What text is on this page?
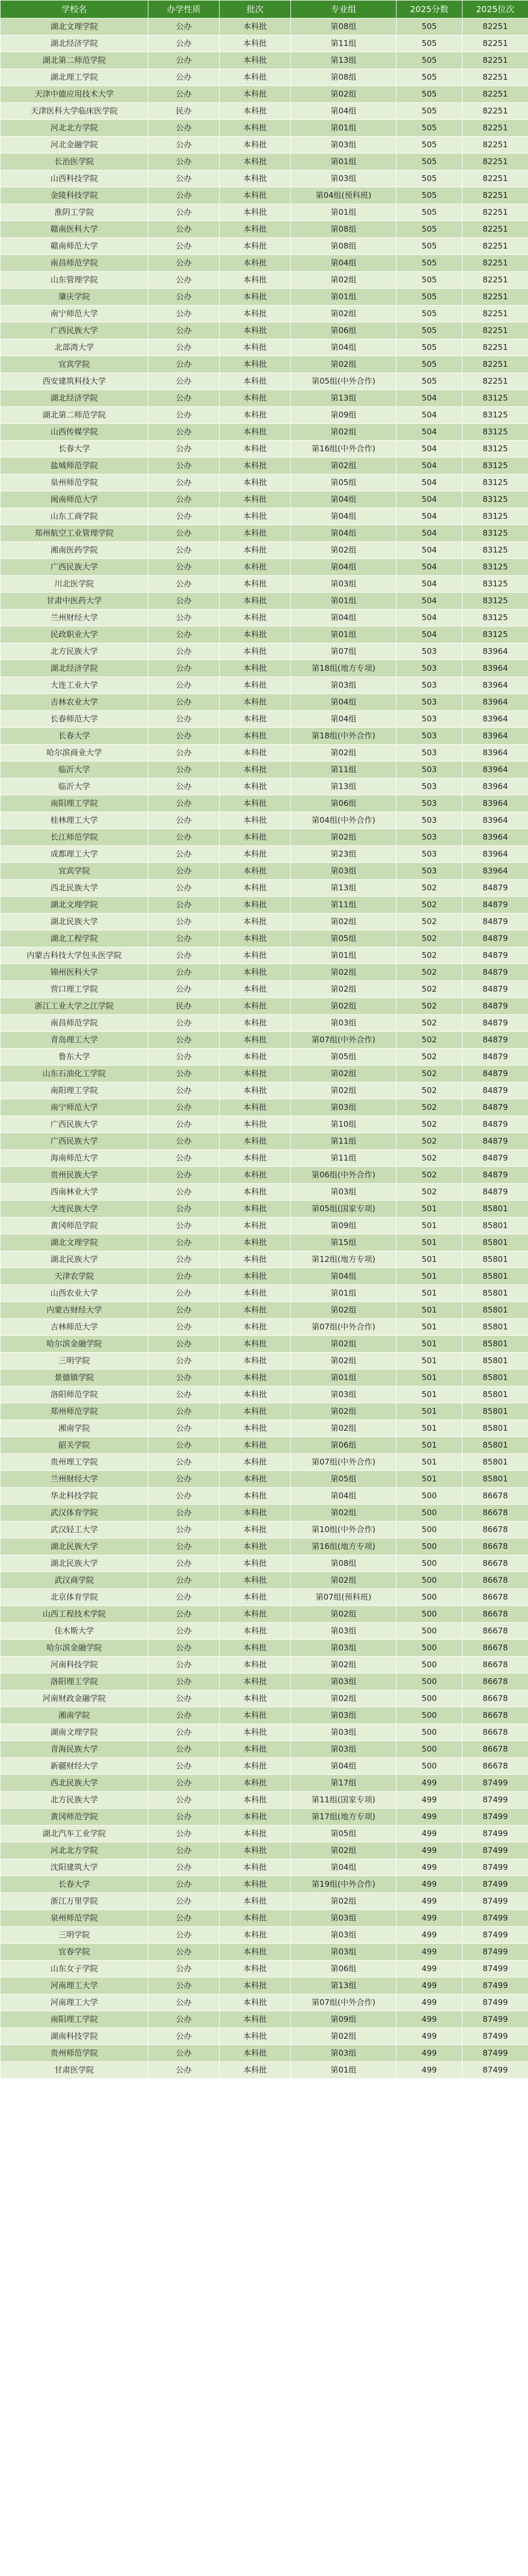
学校名	办学性质	批次	专业组	2025分数	2025位次
湖北文理学院	公办	本科批	第08组	505	82251
湖北经济学院	公办	本科批	第11组	505	82251
湖北第二师范学院	公办	本科批	第13组	505	82251
湖北理工学院	公办	本科批	第08组	505	82251
天津中德应用技术大学	公办	本科批	第02组	505	82251
天津医科大学临床医学院	民办	本科批	第04组	505	82251
河北北方学院	公办	本科批	第01组	505	82251
河北金融学院	公办	本科批	第03组	505	82251
长治医学院	公办	本科批	第01组	505	82251
山西科技学院	公办	本科批	第03组	505	82251
金陵科技学院	公办	本科批	第04组(预科班)	505	82251
淮阴工学院	公办	本科批	第01组	505	82251
赣南医科大学	公办	本科批	第08组	505	82251
赣南师范大学	公办	本科批	第08组	505	82251
南昌师范学院	公办	本科批	第04组	505	82251
山东管理学院	公办	本科批	第02组	505	82251
肇庆学院	公办	本科批	第01组	505	82251
南宁师范大学	公办	本科批	第02组	505	82251
广西民族大学	公办	本科批	第06组	505	82251
北部湾大学	公办	本科批	第04组	505	82251
宜宾学院	公办	本科批	第02组	505	82251
西安建筑科技大学	公办	本科批	第05组(中外合作)	505	82251
湖北经济学院	公办	本科批	第13组	504	83125
湖北第二师范学院	公办	本科批	第09组	504	83125
山西传媒学院	公办	本科批	第02组	504	83125
长春大学	公办	本科批	第16组(中外合作)	504	83125
盐城师范学院	公办	本科批	第02组	504	83125
泉州师范学院	公办	本科批	第05组	504	83125
闽南师范大学	公办	本科批	第04组	504	83125
山东工商学院	公办	本科批	第04组	504	83125
郑州航空工业管理学院	公办	本科批	第04组	504	83125
湘南医药学院	公办	本科批	第02组	504	83125
广西民族大学	公办	本科批	第04组	504	83125
川北医学院	公办	本科批	第03组	504	83125
甘肃中医药大学	公办	本科批	第01组	504	83125
兰州财经大学	公办	本科批	第04组	504	83125
民政职业大学	公办	本科批	第01组	504	83125
北方民族大学	公办	本科批	第07组	503	83964
湖北经济学院	公办	本科批	第18组(地方专项)	503	83964
大连工业大学	公办	本科批	第03组	503	83964
吉林农业大学	公办	本科批	第04组	503	83964
长春师范大学	公办	本科批	第04组	503	83964
长春大学	公办	本科批	第18组(中外合作)	503	83964
哈尔滨商业大学	公办	本科批	第02组	503	83964
临沂大学	公办	本科批	第11组	503	83964
临沂大学	公办	本科批	第13组	503	83964
南阳理工学院	公办	本科批	第06组	503	83964
桂林理工大学	公办	本科批	第04组(中外合作)	503	83964
长江师范学院	公办	本科批	第02组	503	83964
成都理工大学	公办	本科批	第23组	503	83964
宜宾学院	公办	本科批	第03组	503	83964
西北民族大学	公办	本科批	第13组	502	84879
湖北文理学院	公办	本科批	第11组	502	84879
湖北民族大学	公办	本科批	第02组	502	84879
湖北工程学院	公办	本科批	第05组	502	84879
内蒙古科技大学包头医学院	公办	本科批	第01组	502	84879
锦州医科大学	公办	本科批	第02组	502	84879
营口理工学院	公办	本科批	第02组	502	84879
浙江工业大学之江学院	民办	本科批	第02组	502	84879
南昌师范学院	公办	本科批	第03组	502	84879
青岛理工大学	公办	本科批	第07组(中外合作)	502	84879
鲁东大学	公办	本科批	第05组	502	84879
山东石油化工学院	公办	本科批	第02组	502	84879
南阳理工学院	公办	本科批	第02组	502	84879
南宁师范大学	公办	本科批	第03组	502	84879
广西民族大学	公办	本科批	第10组	502	84879
广西民族大学	公办	本科批	第11组	502	84879
海南师范大学	公办	本科批	第11组	502	84879
贵州民族大学	公办	本科批	第06组(中外合作)	502	84879
西南林业大学	公办	本科批	第03组	502	84879
大连民族大学	公办	本科批	第05组(国家专项)	501	85801
黄冈师范学院	公办	本科批	第09组	501	85801
湖北文理学院	公办	本科批	第15组	501	85801
湖北民族大学	公办	本科批	第12组(地方专项)	501	85801
天津农学院	公办	本科批	第04组	501	85801
山西农业大学	公办	本科批	第01组	501	85801
内蒙古财经大学	公办	本科批	第02组	501	85801
吉林师范大学	公办	本科批	第07组(中外合作)	501	85801
哈尔滨金融学院	公办	本科批	第02组	501	85801
三明学院	公办	本科批	第02组	501	85801
景德镇学院	公办	本科批	第01组	501	85801
洛阳师范学院	公办	本科批	第03组	501	85801
郑州师范学院	公办	本科批	第02组	501	85801
湘南学院	公办	本科批	第02组	501	85801
韶关学院	公办	本科批	第06组	501	85801
贵州理工学院	公办	本科批	第07组(中外合作)	501	85801
兰州财经大学	公办	本科批	第05组	501	85801
华北科技学院	公办	本科批	第04组	500	86678
武汉体育学院	公办	本科批	第02组	500	86678
武汉轻工大学	公办	本科批	第10组(中外合作)	500	86678
湖北民族大学	公办	本科批	第16组(地方专项)	500	86678
湖北民族大学	公办	本科批	第08组	500	86678
武汉商学院	公办	本科批	第02组	500	86678
北京体育学院	公办	本科批	第07组(预科班)	500	86678
山西工程技术学院	公办	本科批	第02组	500	86678
佳木斯大学	公办	本科批	第03组	500	86678
哈尔滨金融学院	公办	本科批	第03组	500	86678
河南科技学院	公办	本科批	第02组	500	86678
洛阳理工学院	公办	本科批	第03组	500	86678
河南财政金融学院	公办	本科批	第02组	500	86678
湘南学院	公办	本科批	第03组	500	86678
湖南文理学院	公办	本科批	第03组	500	86678
青海民族大学	公办	本科批	第03组	500	86678
新疆财经大学	公办	本科批	第04组	500	86678
西北民族大学	公办	本科批	第17组	499	87499
北方民族大学	公办	本科批	第11组(国家专项)	499	87499
黄冈师范学院	公办	本科批	第17组(地方专项)	499	87499
湖北汽车工业学院	公办	本科批	第05组	499	87499
河北北方学院	公办	本科批	第02组	499	87499
沈阳建筑大学	公办	本科批	第04组	499	87499
长春大学	公办	本科批	第19组(中外合作)	499	87499
浙江万里学院	公办	本科批	第02组	499	87499
泉州师范学院	公办	本科批	第03组	499	87499
三明学院	公办	本科批	第03组	499	87499
宜春学院	公办	本科批	第03组	499	87499
山东女子学院	公办	本科批	第06组	499	87499
河南理工大学	公办	本科批	第13组	499	87499
河南理工大学	公办	本科批	第07组(中外合作)	499	87499
南阳理工学院	公办	本科批	第09组	499	87499
湖南科技学院	公办	本科批	第02组	499	87499
贵州师范学院	公办	本科批	第03组	499	87499
甘肃医学院	公办	本科批	第01组	499	87499
